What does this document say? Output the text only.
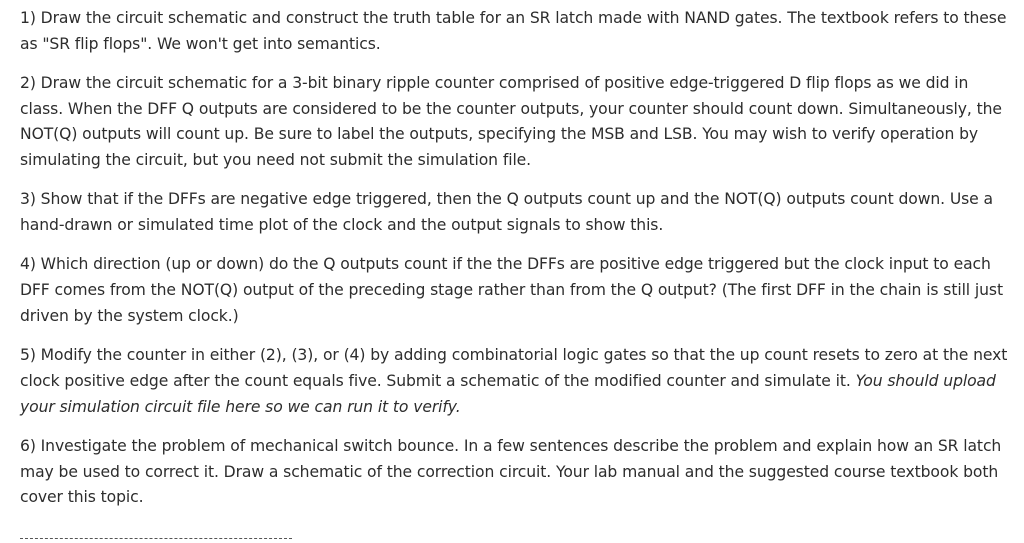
1) Draw the circuit schematic and construct the truth table for an SR latch made with NAND gates. The textbook refers to these as "SR flip flops". We won't get into semantics.

2) Draw the circuit schematic for a 3-bit binary ripple counter comprised of positive edge-triggered D flip flops as we did in class. When the DFF Q outputs are considered to be the counter outputs, your counter should count down. Simultaneously, the NOT(Q) outputs will count up. Be sure to label the outputs, specifying the MSB and LSB. You may wish to verify operation by simulating the circuit, but you need not submit the simulation file.

3) Show that if the DFFs are negative edge triggered, then the Q outputs count up and the NOT(Q) outputs count down. Use a hand-drawn or simulated time plot of the clock and the output signals to show this.

4) Which direction (up or down) do the Q outputs count if the the DFFs are positive edge triggered but the clock input to each DFF comes from the NOT(Q) output of the preceding stage rather than from the Q output? (The first DFF in the chain is still just driven by the system clock.)

5) Modify the counter in either (2), (3), or (4) by adding combinatorial logic gates so that the up count resets to zero at the next clock positive edge after the count equals five. Submit a schematic of the modified counter and simulate it. You should upload your simulation circuit file here so we can run it to verify.

6) Investigate the problem of mechanical switch bounce. In a few sentences describe the problem and explain how an SR latch may be used to correct it. Draw a schematic of the correction circuit. Your lab manual and the suggested course textbook both cover this topic.
